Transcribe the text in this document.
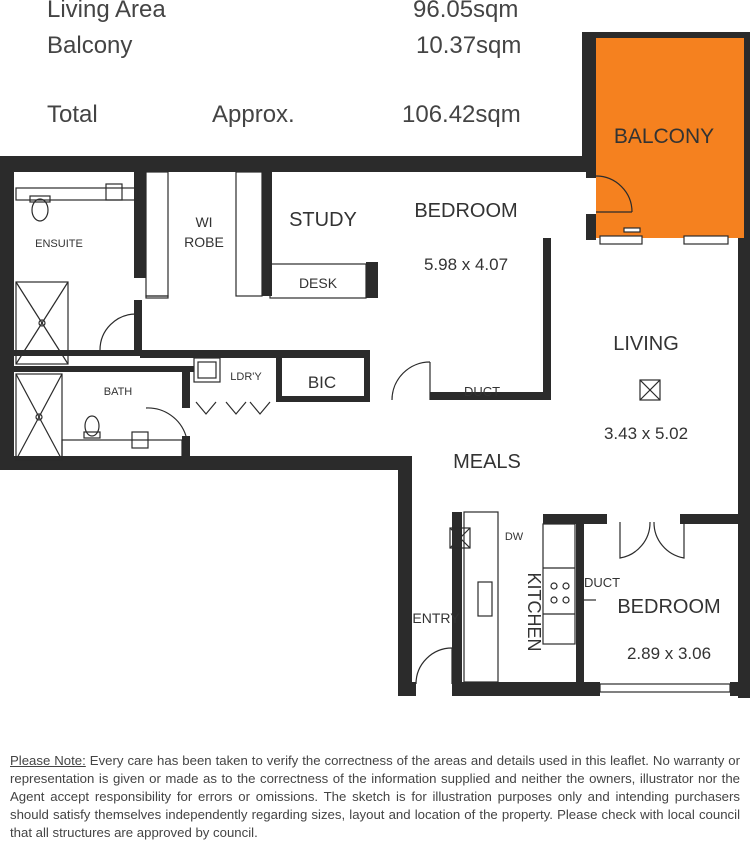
Living Area	96.05sqm
Balcony	10.37sqm
Total	Approx.	106.42sqm
BALCONY
ENSUITE
WI
ROBE
STUDY
DESK
BEDROOM
5.98 x 4.07
LIVING
3.43 x 5.02
BATH
LDR'Y	BIC	DUCT
MEALS
DW
KITCHEN	DUCT
ENTRY	BEDROOM
2.89 x 3.06
Please Note: Every care has been taken to verify the correctness of the areas and details used in this leaflet. No warranty or representation is given or made as to the correctness of the information supplied and neither the owners, illustrator nor the Agent accept responsibility for errors or omissions. The sketch is for illustration purposes only and intending purchasers should satisfy themselves independently regarding sizes, layout and location of the property. Please check with local council that all structures are approved by council.
